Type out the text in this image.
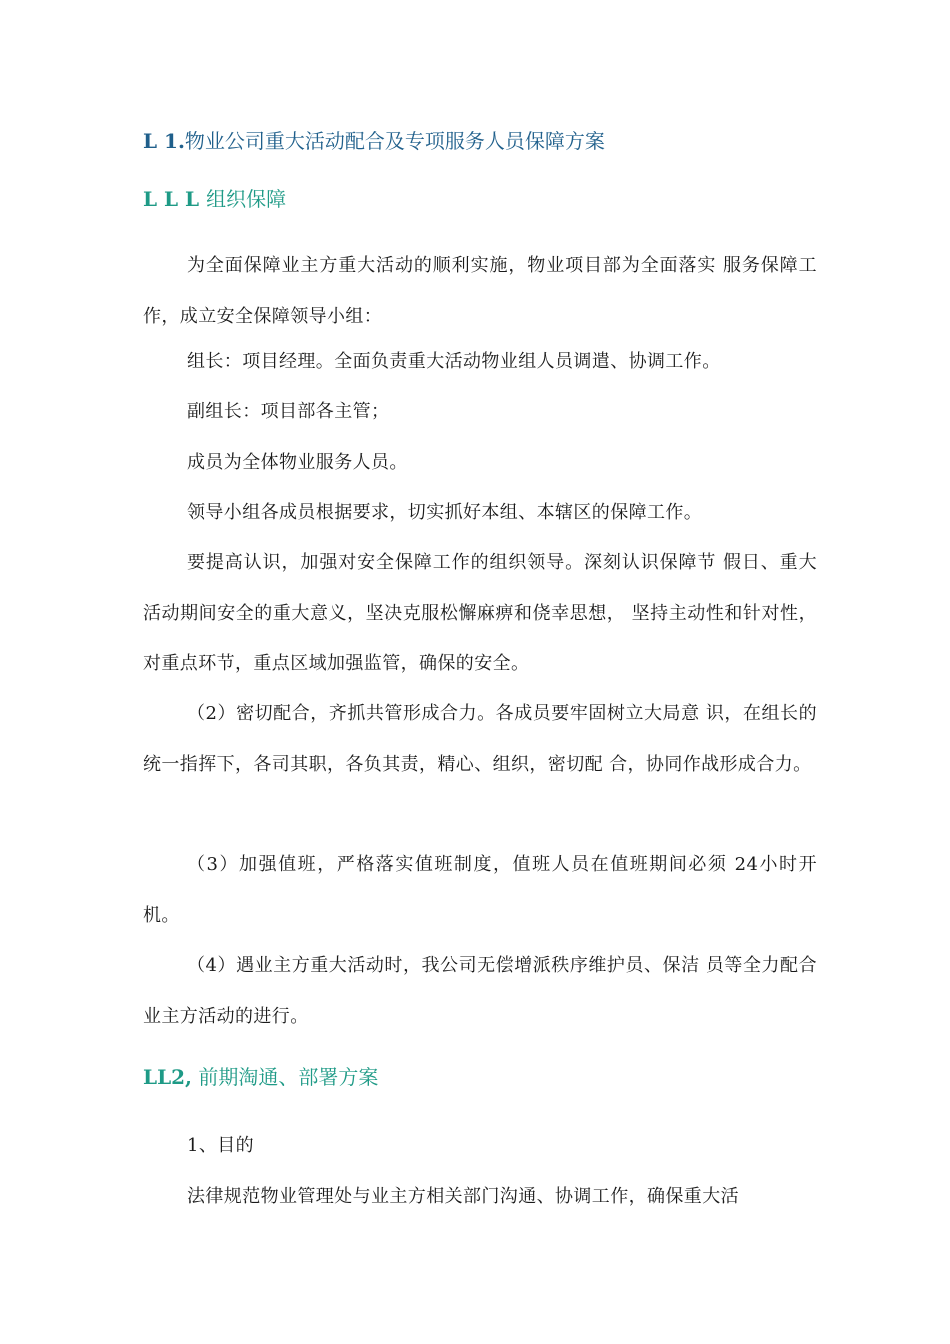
L 1.物业公司重大活动配合及专项服务人员保障方案
L L L 组织保障
为全面保障业主方重大活动的顺利实施，物业项目部为全面落实 服务保障工作，成立安全保障领导小组：
组长：项目经理。全面负责重大活动物业组人员调遣、协调工作。
副组长：项目部各主管；
成员为全体物业服务人员。
领导小组各成员根据要求，切实抓好本组、本辖区的保障工作。
要提高认识，加强对安全保障工作的组织领导。深刻认识保障节 假日、重大活动期间安全的重大意义，坚决克服松懈麻痹和侥幸思想， 坚持主动性和针对性，对重点环节，重点区域加强监管，确保的安全。
（2）密切配合，齐抓共管形成合力。各成员要牢固树立大局意 识，在组长的统一指挥下，各司其职，各负其责，精心、组织，密切配 合，协同作战形成合力。
（3）加强值班，严格落实值班制度，值班人员在值班期间必须 24小时开机。
（4）遇业主方重大活动时，我公司无偿增派秩序维护员、保洁 员等全力配合业主方活动的进行。
LL2, 前期淘通、部署方案
1、目的
法律规范物业管理处与业主方相关部门沟通、协调工作，确保重大活
